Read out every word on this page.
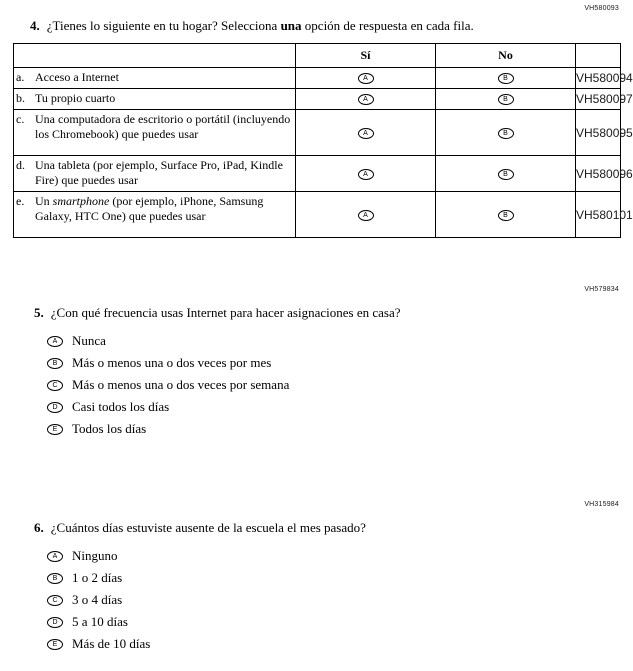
VH580093
4. ¿Tienes lo siguiente en tu hogar? Selecciona una opción de respuesta en cada fila.
	Sí	No	

a. Acceso a Internet	A	B	VH580094

b. Tu propio cuarto	A	B	VH580097

c. Una computadora de escritorio o portátil (incluyendo los Chromebook) que puedes usar	A	B	VH580095

d. Una tableta (por ejemplo, Surface Pro, iPad, Kindle Fire) que puedes usar	A	B	VH580096

e. Un smartphone (por ejemplo, iPhone, Samsung Galaxy, HTC One) que puedes usar	A	B	VH580101
VH579834
5. ¿Con qué frecuencia usas Internet para hacer asignaciones en casa?
A	Nunca
B	Más o menos una o dos veces por mes
C	Más o menos una o dos veces por semana
D	Casi todos los días
E	Todos los días
VH315984
6. ¿Cuántos días estuviste ausente de la escuela el mes pasado?
A	Ninguno
B	1 o 2 días
C	3 o 4 días
D	5 a 10 días
E	Más de 10 días
